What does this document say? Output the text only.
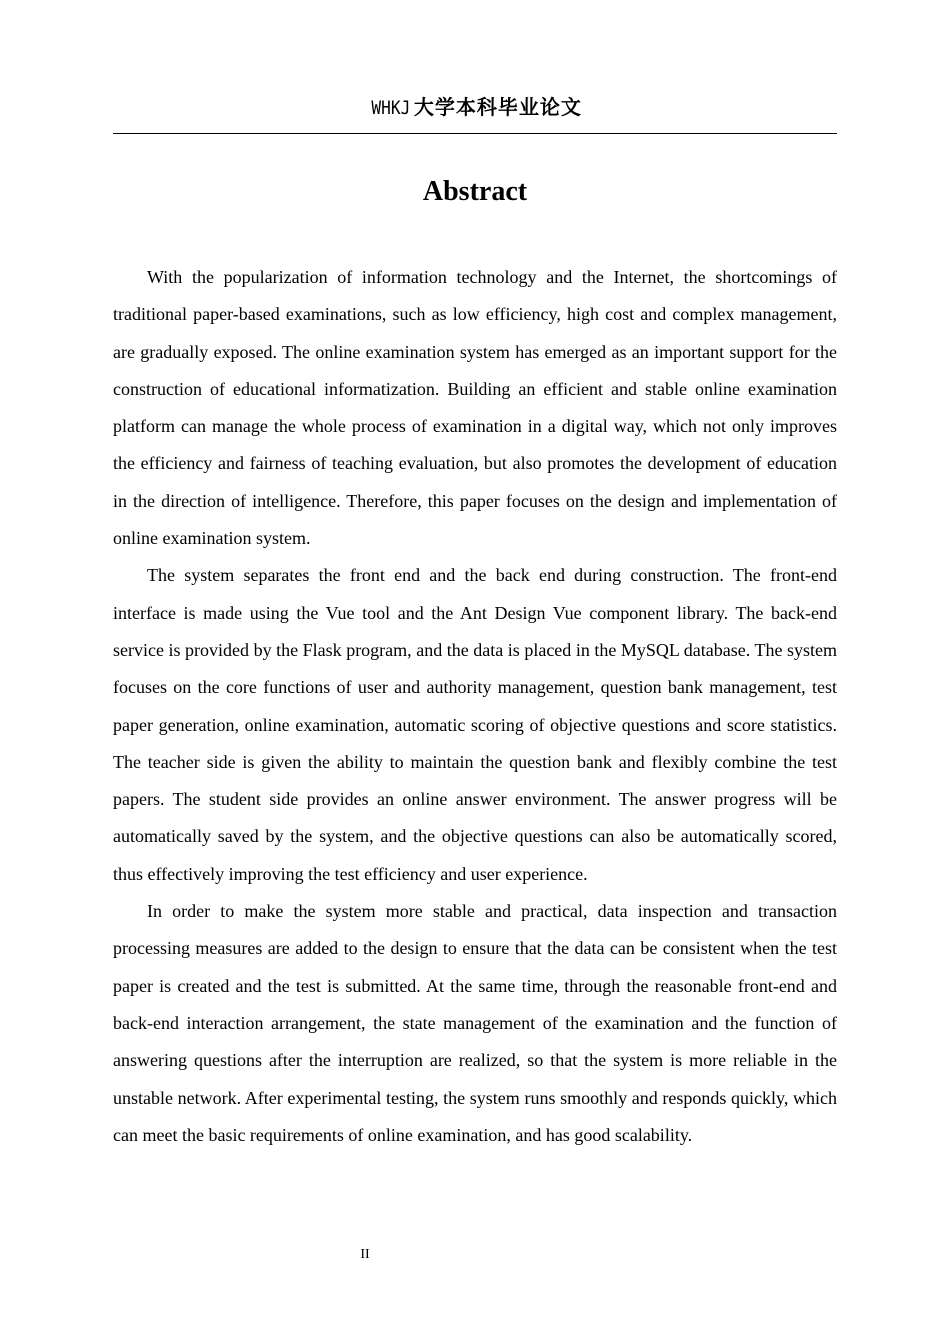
WHKJ 大学本科毕业论文
Abstract

With the popularization of information technology and the Internet, the shortcomings of traditional paper-based examinations, such as low efficiency, high cost and complex management, are gradually exposed. The online examination system has emerged as an important support for the construction of educational informatization. Building an efficient and stable online examination platform can manage the whole process of examination in a digital way, which not only improves the efficiency and fairness of teaching evaluation, but also promotes the development of education in the direction of intelligence. Therefore, this paper focuses on the design and implementation of online examination system.

The system separates the front end and the back end during construction. The front-end interface is made using the Vue tool and the Ant Design Vue component library. The back-end service is provided by the Flask program, and the data is placed in the MySQL database. The system focuses on the core functions of user and authority management, question bank management, test paper generation, online examination, automatic scoring of objective questions and score statistics. The teacher side is given the ability to maintain the question bank and flexibly combine the test papers. The student side provides an online answer environment. The answer progress will be automatically saved by the system, and the objective questions can also be automatically scored, thus effectively improving the test efficiency and user experience.

In order to make the system more stable and practical, data inspection and transaction processing measures are added to the design to ensure that the data can be consistent when the test paper is created and the test is submitted. At the same time, through the reasonable front-end and back-end interaction arrangement, the state management of the examination and the function of answering questions after the interruption are realized, so that the system is more reliable in the unstable network. After experimental testing, the system runs smoothly and responds quickly, which can meet the basic requirements of online examination, and has good scalability.

II
